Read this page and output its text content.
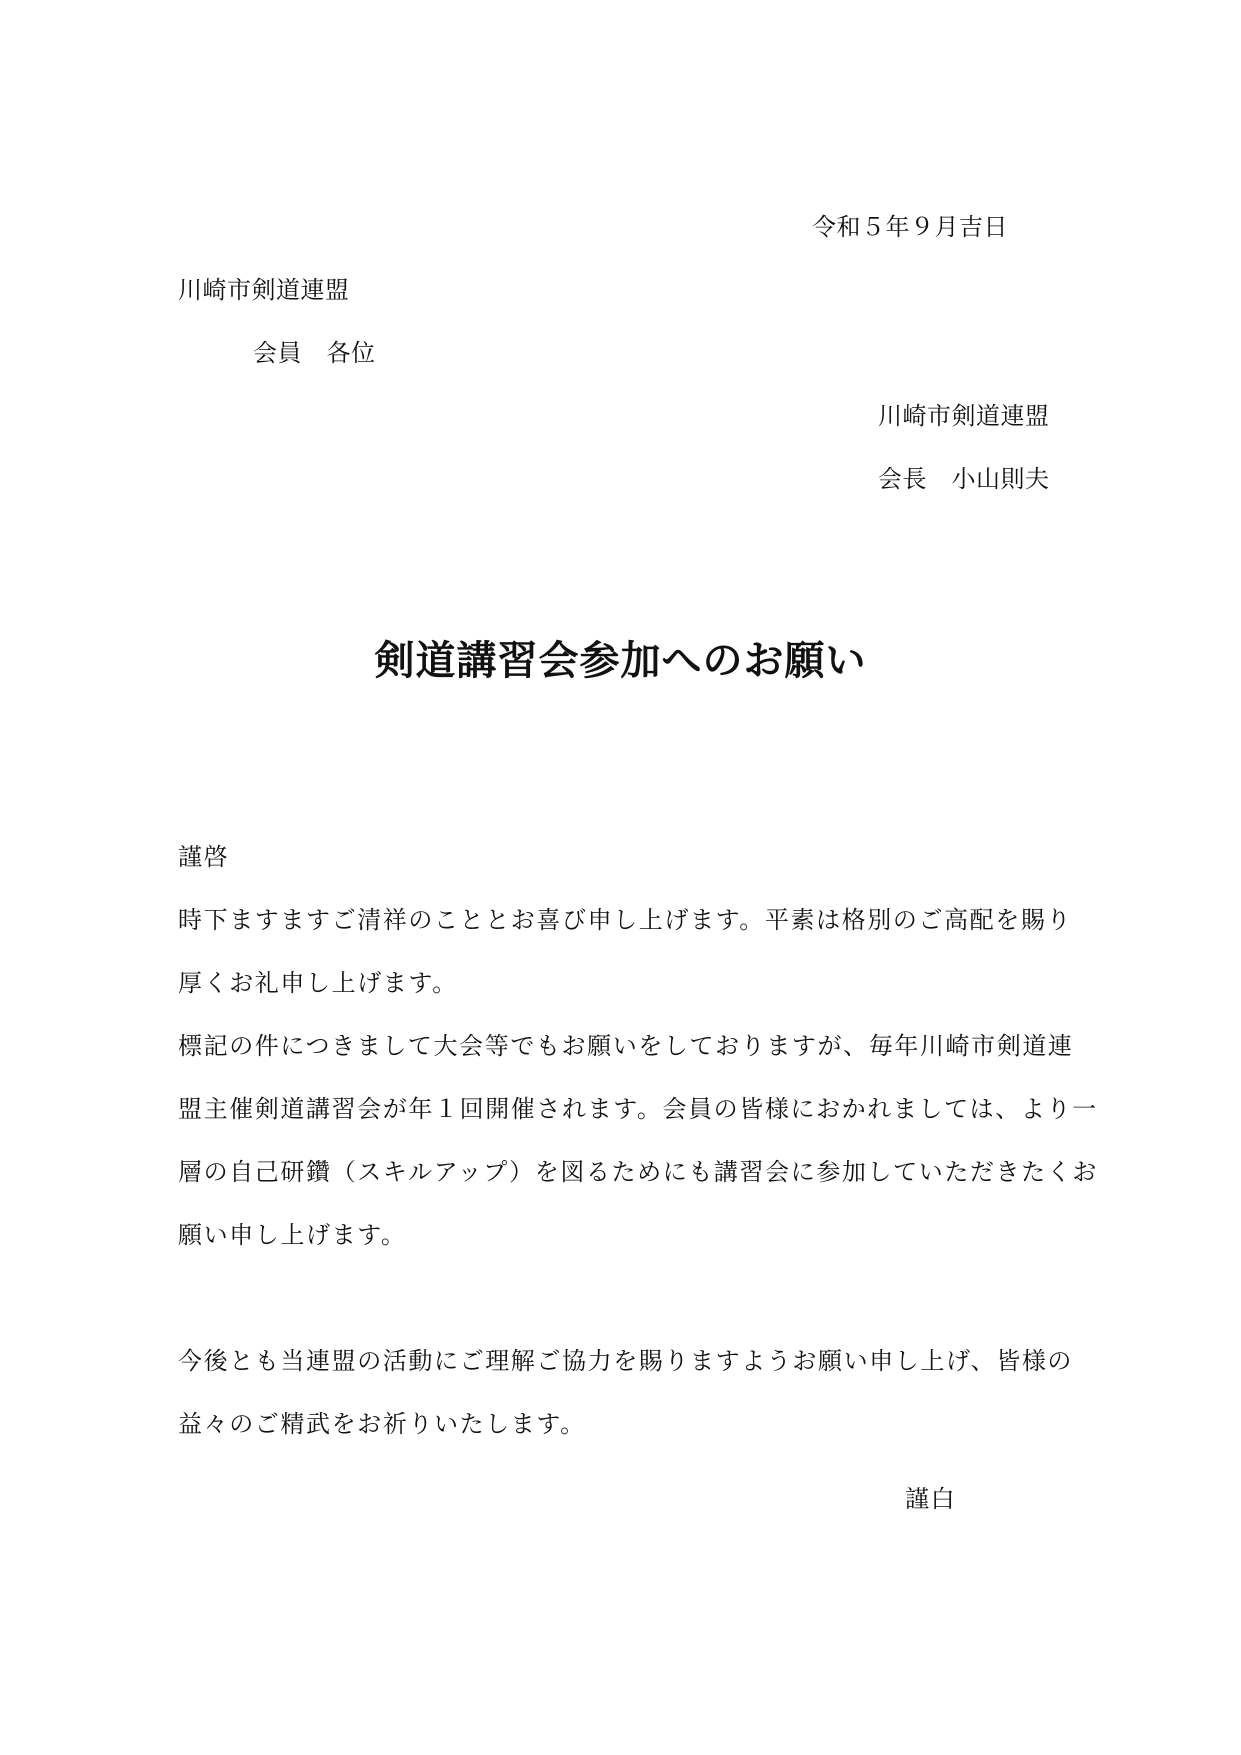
令和５年９月吉日
川崎市剣道連盟
会員　各位
川崎市剣道連盟
会長　小山則夫
剣道講習会参加へのお願い
謹啓
時下ますますご清祥のこととお喜び申し上げます。平素は格別のご高配を賜り
厚くお礼申し上げます。
標記の件につきまして大会等でもお願いをしておりますが、毎年川崎市剣道連
盟主催剣道講習会が年１回開催されます。会員の皆様におかれましては、より一
層の自己研鑽（スキルアップ）を図るためにも講習会に参加していただきたくお
願い申し上げます。
今後とも当連盟の活動にご理解ご協力を賜りますようお願い申し上げ、皆様の
益々のご精武をお祈りいたします。
謹白
